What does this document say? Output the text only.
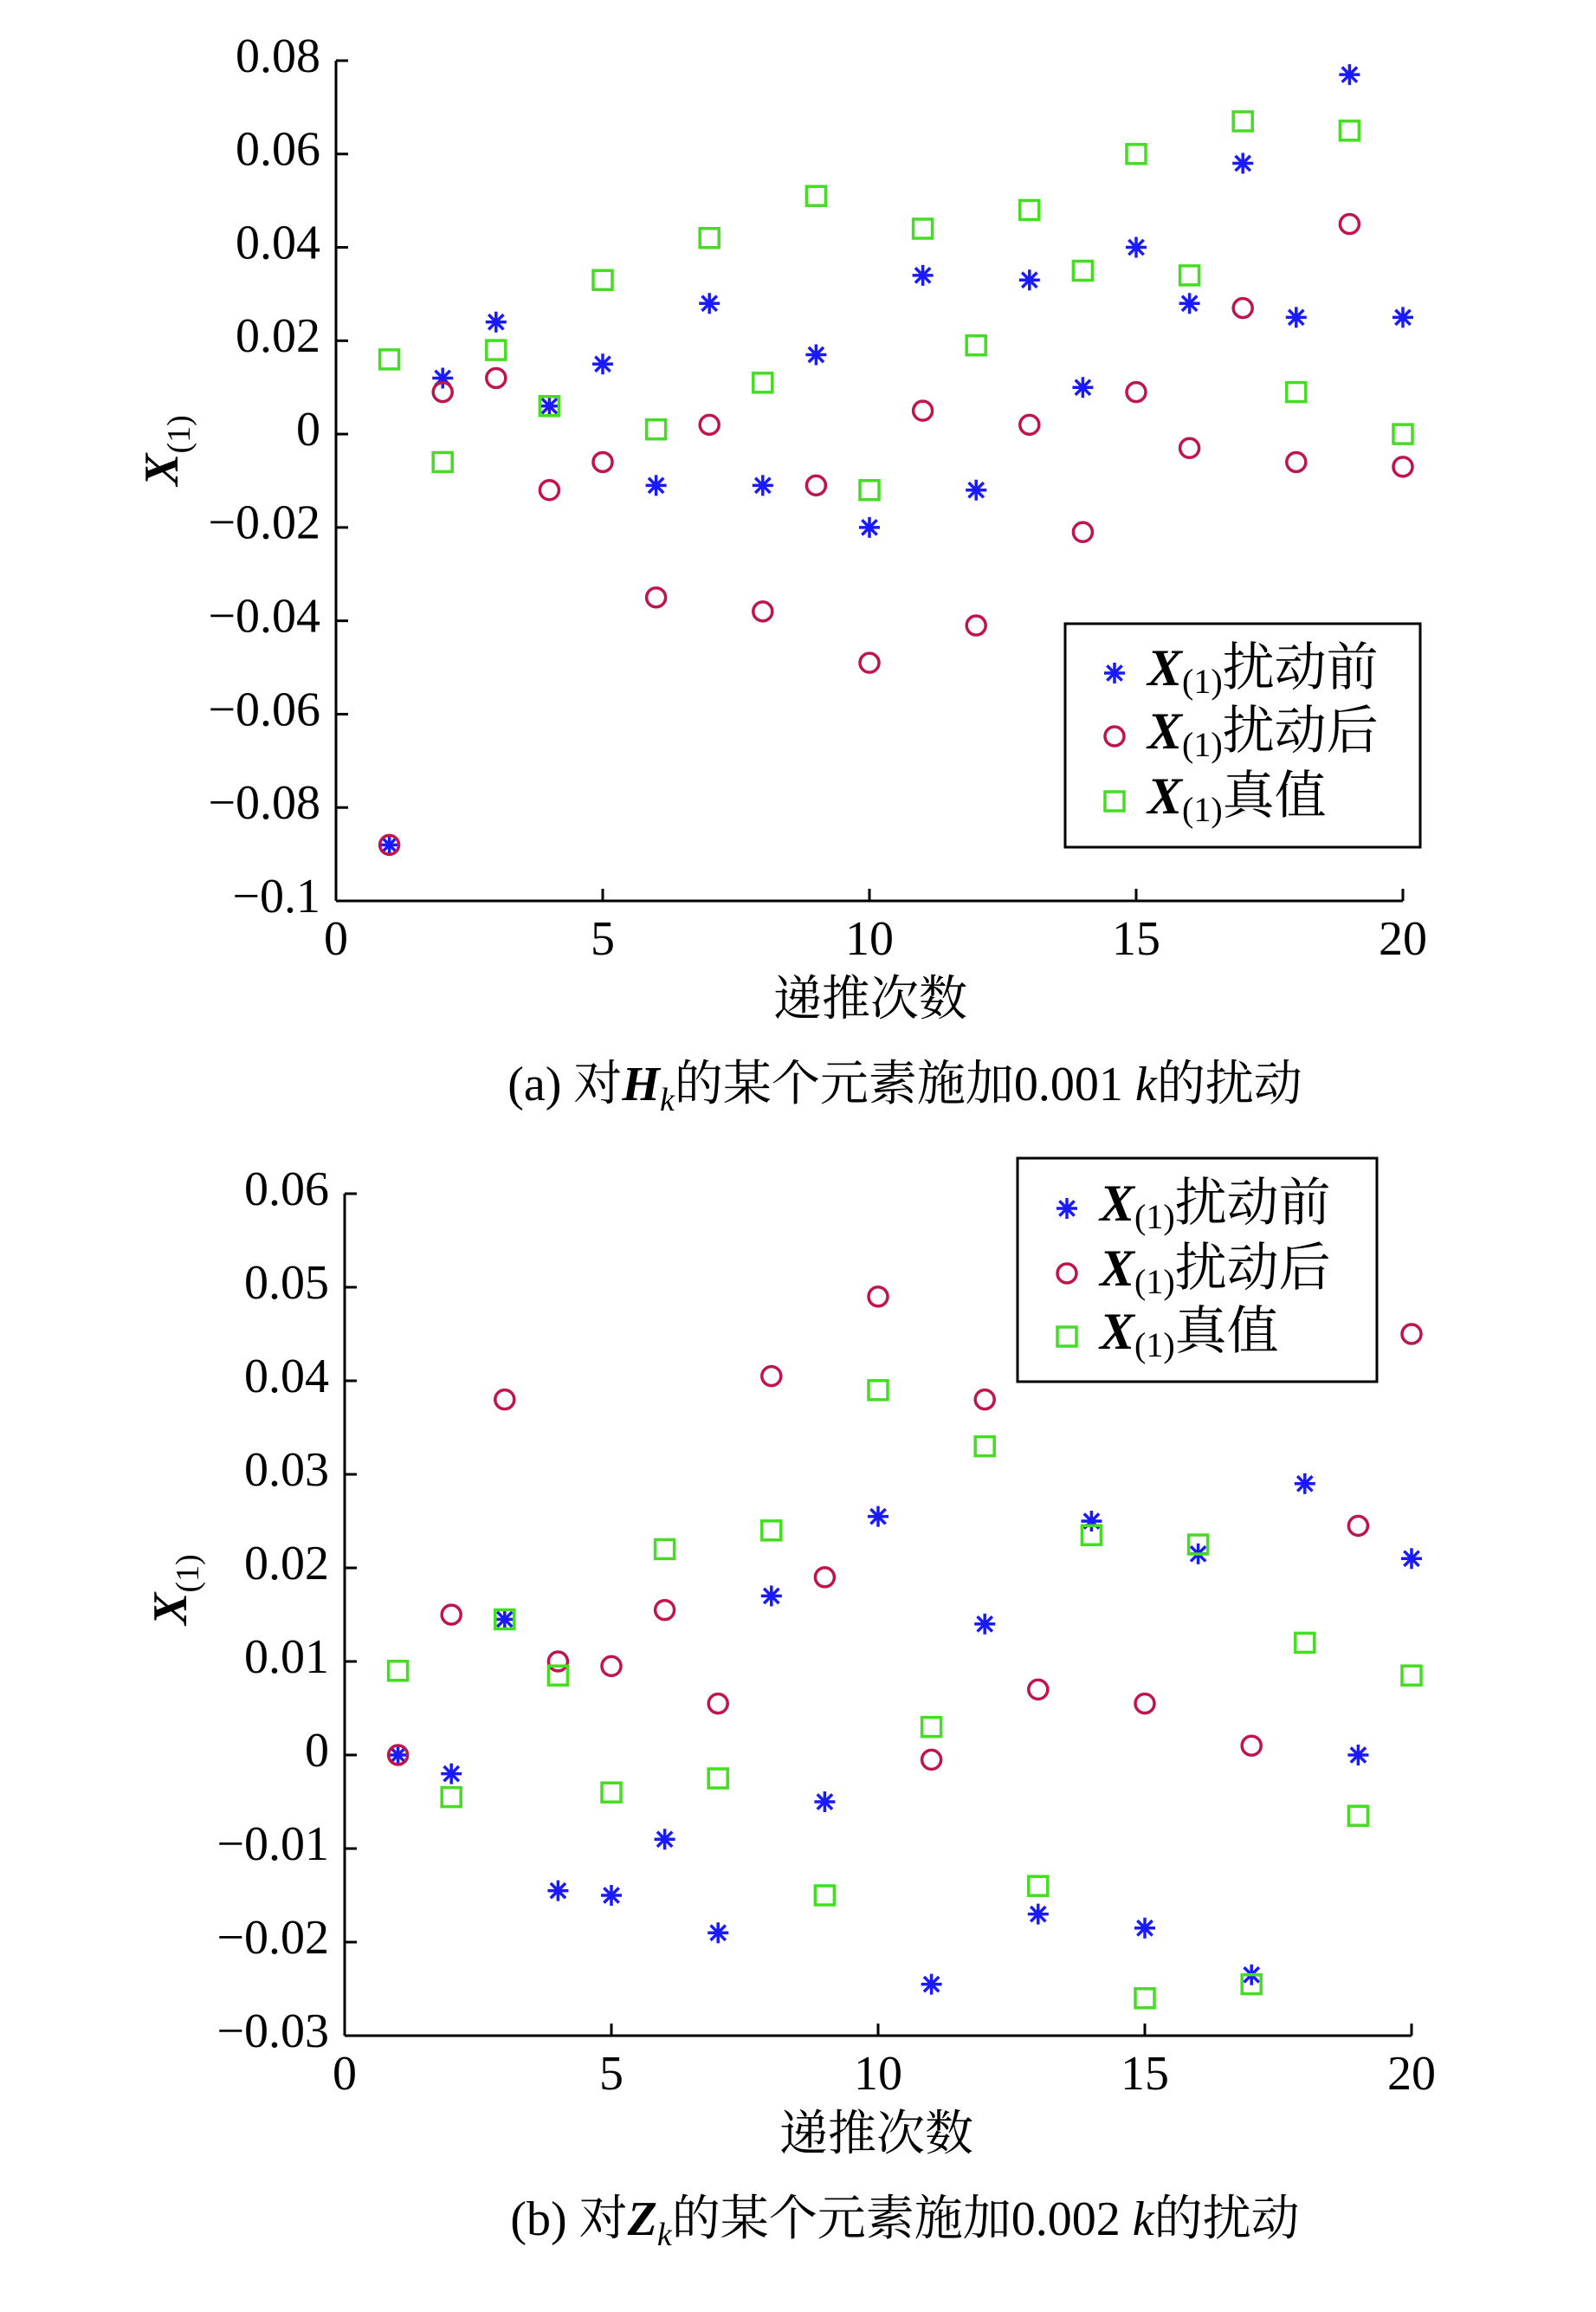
0	5	10	15	20
0.08
0.06
0.04
0.02
0
−0.02
−0.04
−0.06
−0.08
−0.1
递推次数
$X_{(1)}$
$X_{(1)}$扰动前
$X_{(1)}$扰动后
$X_{(1)}$真值
(a) 对$H_k$的某个元素施加0.001 k的扰动
0	5	10	15	20
0.06
0.05
0.04
0.03
0.02
0.01
0
−0.01
−0.02
−0.03
递推次数
$X_{(1)}$
$X_{(1)}$扰动前
$X_{(1)}$扰动后
$X_{(1)}$真值
(b) 对$Z_k$的某个元素施加0.002 k的扰动
